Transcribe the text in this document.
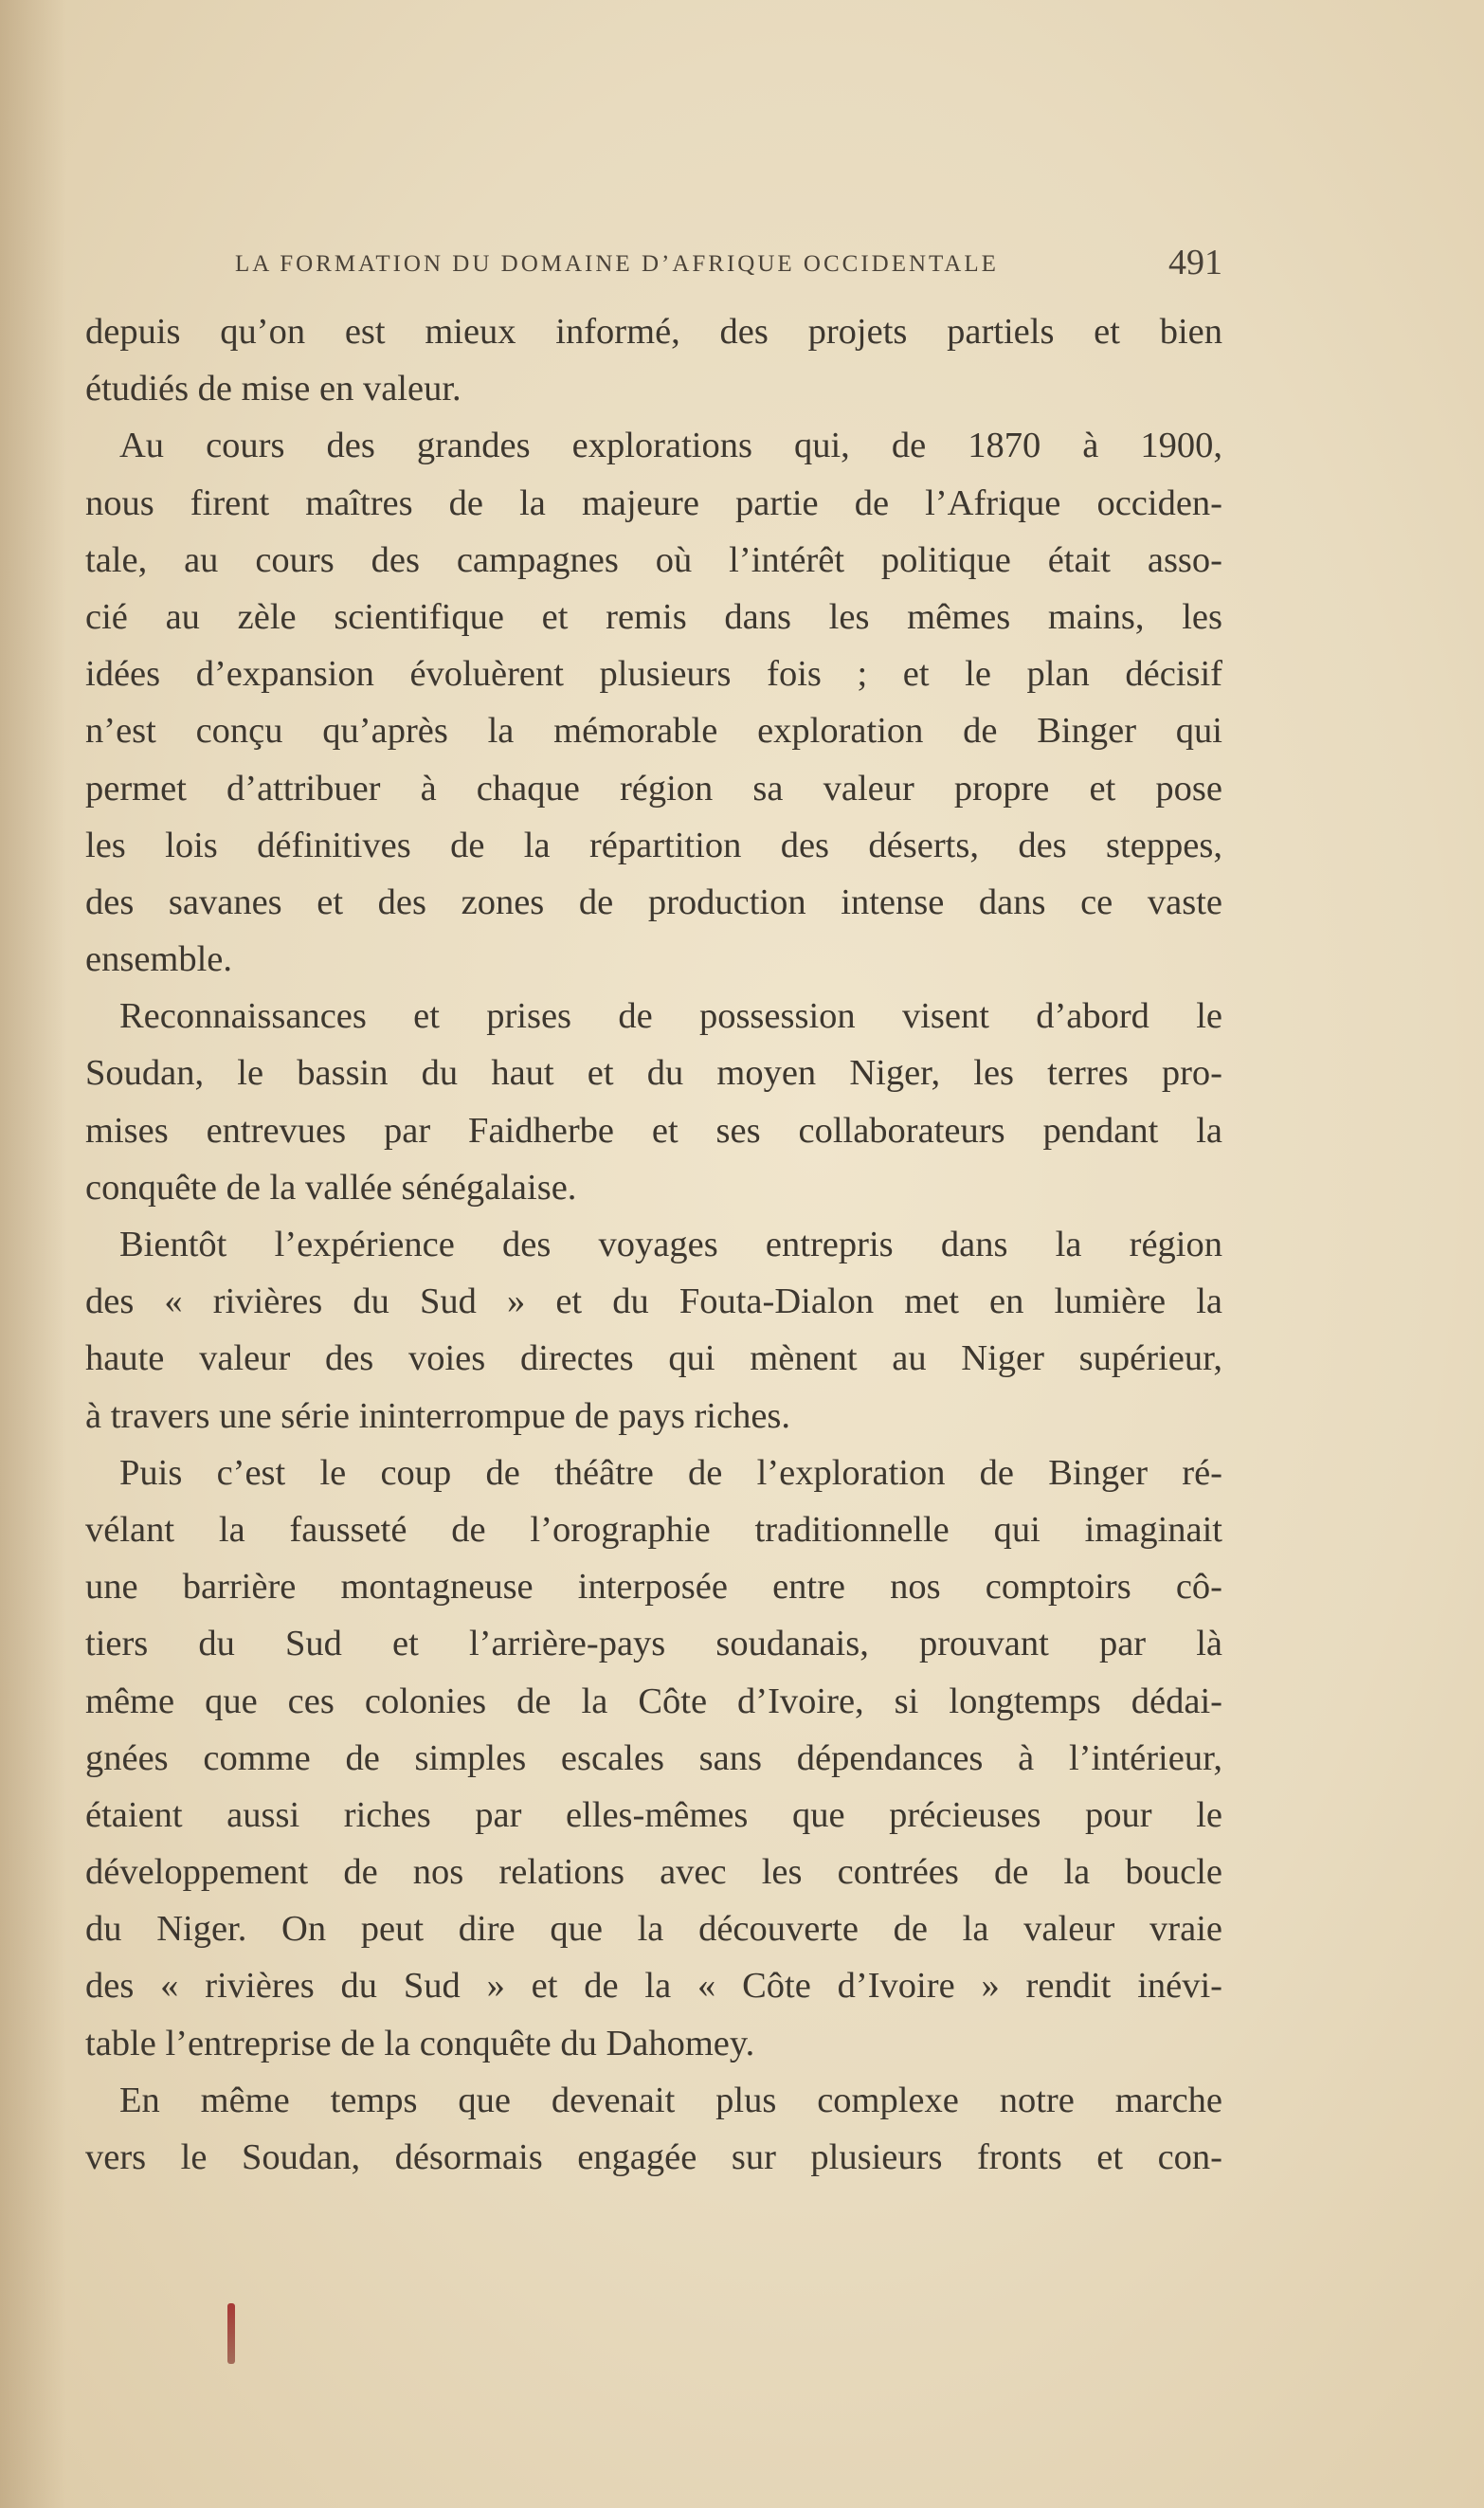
LA FORMATION DU DOMAINE D’AFRIQUE OCCIDENTALE	491
depuis qu’on est mieux informé, des projets partiels et bien
étudiés de mise en valeur.
Au cours des grandes explorations qui, de 1870 à 1900,
nous firent maîtres de la majeure partie de l’Afrique occiden-
tale, au cours des campagnes où l’intérêt politique était asso-
cié au zèle scientifique et remis dans les mêmes mains, les
idées d’expansion évoluèrent plusieurs fois ; et le plan décisif
n’est conçu qu’après la mémorable exploration de Binger qui
permet d’attribuer à chaque région sa valeur propre et pose
les lois définitives de la répartition des déserts, des steppes,
des savanes et des zones de production intense dans ce vaste
ensemble.
Reconnaissances et prises de possession visent d’abord le
Soudan, le bassin du haut et du moyen Niger, les terres pro-
mises entrevues par Faidherbe et ses collaborateurs pendant la
conquête de la vallée sénégalaise.
Bientôt l’expérience des voyages entrepris dans la région
des « rivières du Sud » et du Fouta-Dialon met en lumière la
haute valeur des voies directes qui mènent au Niger supérieur,
à travers une série ininterrompue de pays riches.
Puis c’est le coup de théâtre de l’exploration de Binger ré-
vélant la fausseté de l’orographie traditionnelle qui imaginait
une barrière montagneuse interposée entre nos comptoirs cô-
tiers du Sud et l’arrière-pays soudanais, prouvant par là
même que ces colonies de la Côte d’Ivoire, si longtemps dédai-
gnées comme de simples escales sans dépendances à l’intérieur,
étaient aussi riches par elles-mêmes que précieuses pour le
développement de nos relations avec les contrées de la boucle
du Niger. On peut dire que la découverte de la valeur vraie
des « rivières du Sud » et de la « Côte d’Ivoire » rendit inévi-
table l’entreprise de la conquête du Dahomey.
En même temps que devenait plus complexe notre marche
vers le Soudan, désormais engagée sur plusieurs fronts et con-
